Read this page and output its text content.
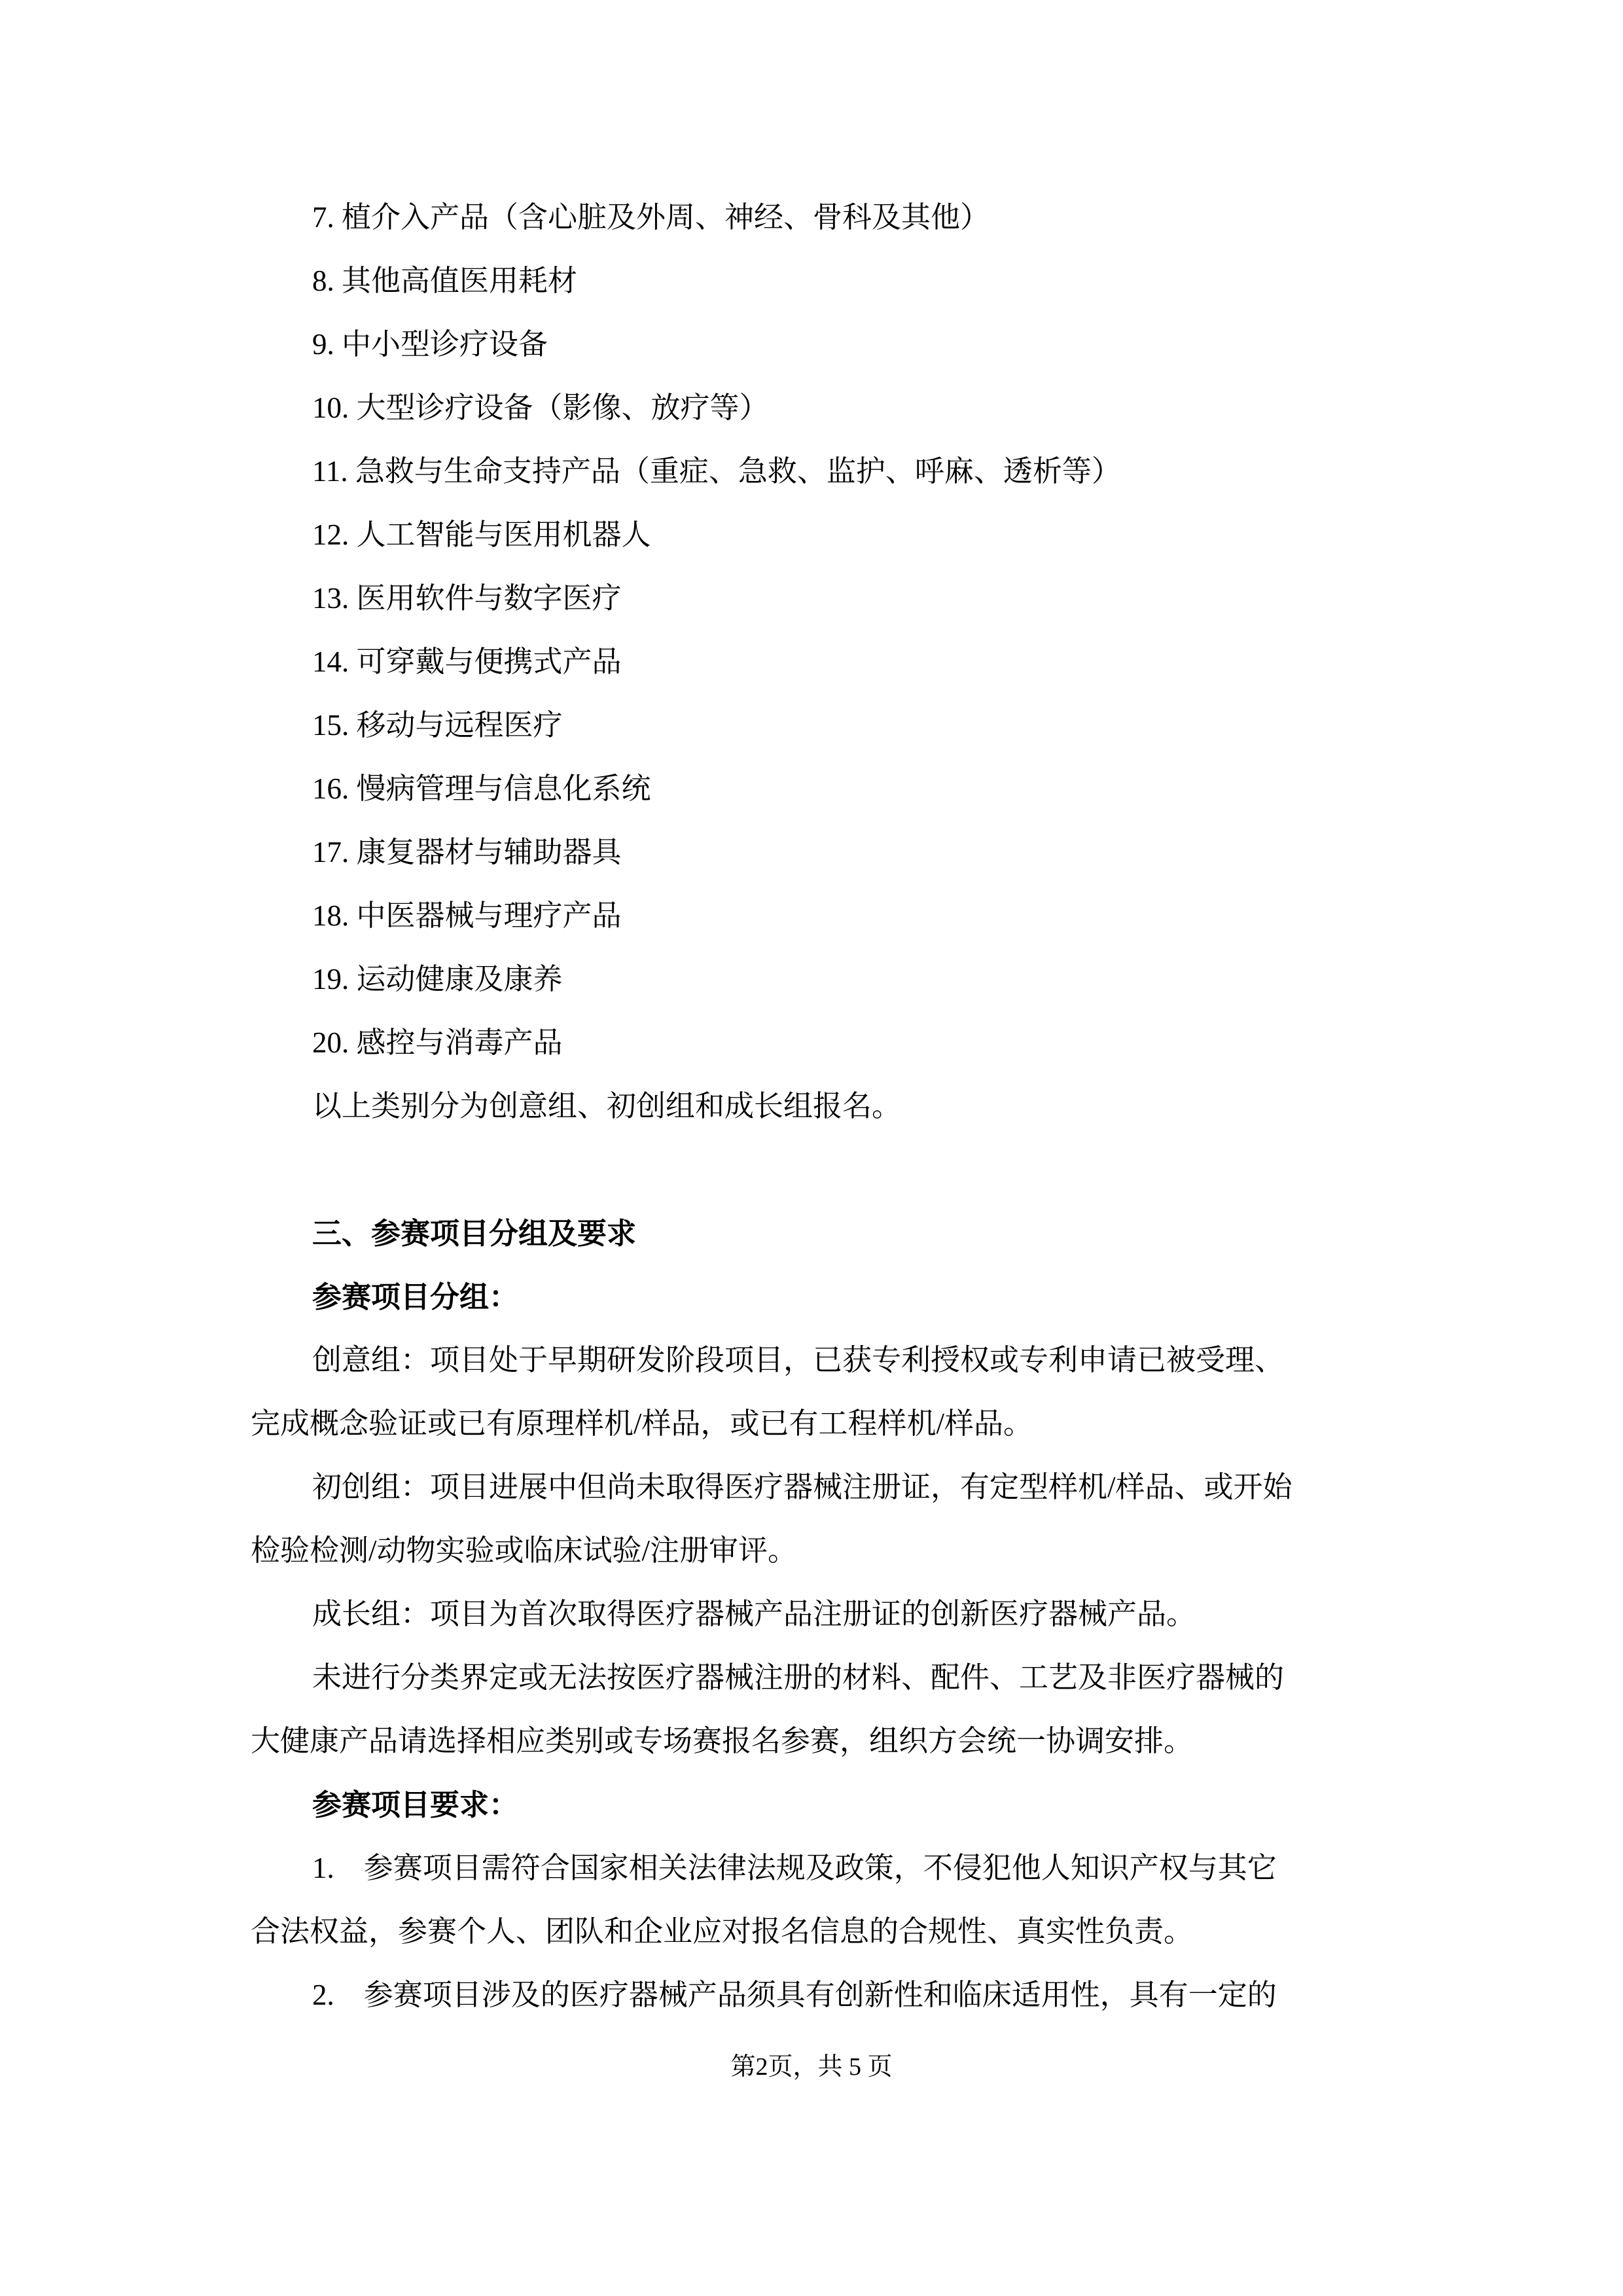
7. 植介入产品（含心脏及外周、神经、骨科及其他）

8. 其他高值医用耗材

9. 中小型诊疗设备

10. 大型诊疗设备（影像、放疗等）

11. 急救与生命支持产品（重症、急救、监护、呼麻、透析等）

12. 人工智能与医用机器人

13. 医用软件与数字医疗

14. 可穿戴与便携式产品

15. 移动与远程医疗

16. 慢病管理与信息化系统

17. 康复器材与辅助器具

18. 中医器械与理疗产品

19. 运动健康及康养

20. 感控与消毒产品

以上类别分为创意组、初创组和成长组报名。

三、参赛项目分组及要求

参赛项目分组：

创意组：项目处于早期研发阶段项目，已获专利授权或专利申请已被受理、

完成概念验证或已有原理样机/样品，或已有工程样机/样品。

初创组：项目进展中但尚未取得医疗器械注册证，有定型样机/样品、或开始

检验检测/动物实验或临床试验/注册审评。

成长组：项目为首次取得医疗器械产品注册证的创新医疗器械产品。

未进行分类界定或无法按医疗器械注册的材料、配件、工艺及非医疗器械的

大健康产品请选择相应类别或专场赛报名参赛，组织方会统一协调安排。

参赛项目要求：

1.　参赛项目需符合国家相关法律法规及政策，不侵犯他人知识产权与其它

合法权益，参赛个人、团队和企业应对报名信息的合规性、真实性负责。

2.　参赛项目涉及的医疗器械产品须具有创新性和临床适用性，具有一定的

第2页，共 5 页
